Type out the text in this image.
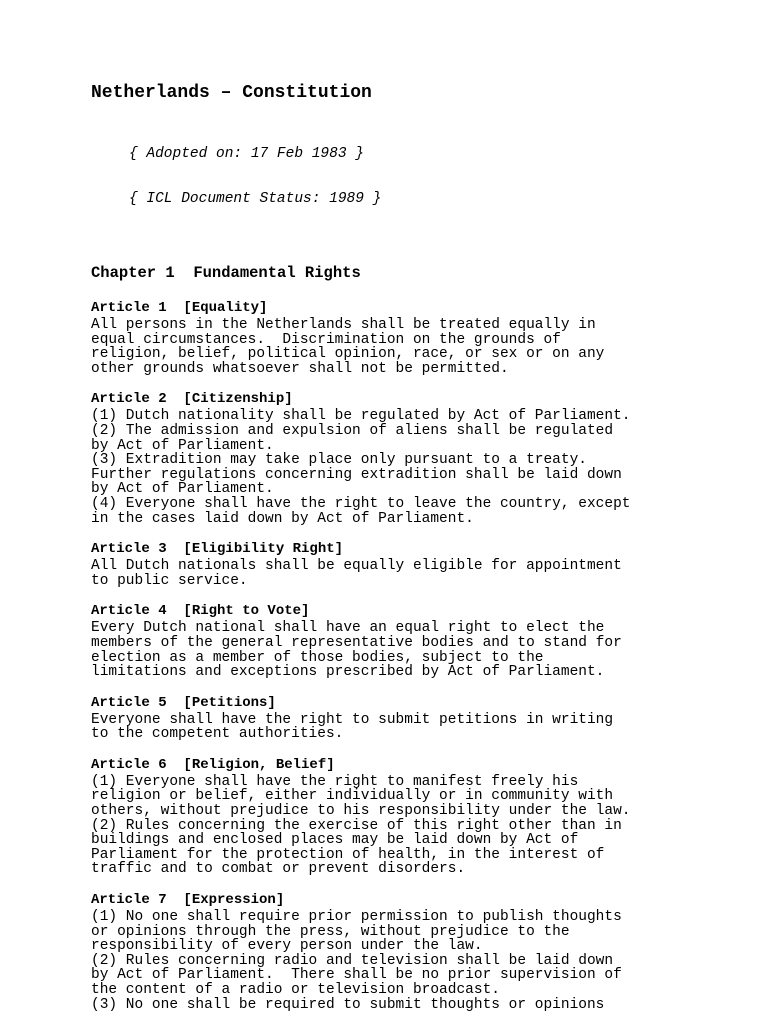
Netherlands – Constitution

{ Adopted on: 17 Feb 1983 }

{ ICL Document Status: 1989 }

Chapter 1  Fundamental Rights
Article 1  [Equality]
All persons in the Netherlands shall be treated equally in
equal circumstances.  Discrimination on the grounds of
religion, belief, political opinion, race, or sex or on any
other grounds whatsoever shall not be permitted.
Article 2  [Citizenship]
(1) Dutch nationality shall be regulated by Act of Parliament.
(2) The admission and expulsion of aliens shall be regulated
by Act of Parliament.
(3) Extradition may take place only pursuant to a treaty.
Further regulations concerning extradition shall be laid down
by Act of Parliament.
(4) Everyone shall have the right to leave the country, except
in the cases laid down by Act of Parliament.
Article 3  [Eligibility Right]
All Dutch nationals shall be equally eligible for appointment
to public service.
Article 4  [Right to Vote]
Every Dutch national shall have an equal right to elect the
members of the general representative bodies and to stand for
election as a member of those bodies, subject to the
limitations and exceptions prescribed by Act of Parliament.
Article 5  [Petitions]
Everyone shall have the right to submit petitions in writing
to the competent authorities.
Article 6  [Religion, Belief]
(1) Everyone shall have the right to manifest freely his
religion or belief, either individually or in community with
others, without prejudice to his responsibility under the law.
(2) Rules concerning the exercise of this right other than in
buildings and enclosed places may be laid down by Act of
Parliament for the protection of health, in the interest of
traffic and to combat or prevent disorders.
Article 7  [Expression]
(1) No one shall require prior permission to publish thoughts
or opinions through the press, without prejudice to the
responsibility of every person under the law.
(2) Rules concerning radio and television shall be laid down
by Act of Parliament.  There shall be no prior supervision of
the content of a radio or television broadcast.
(3) No one shall be required to submit thoughts or opinions
